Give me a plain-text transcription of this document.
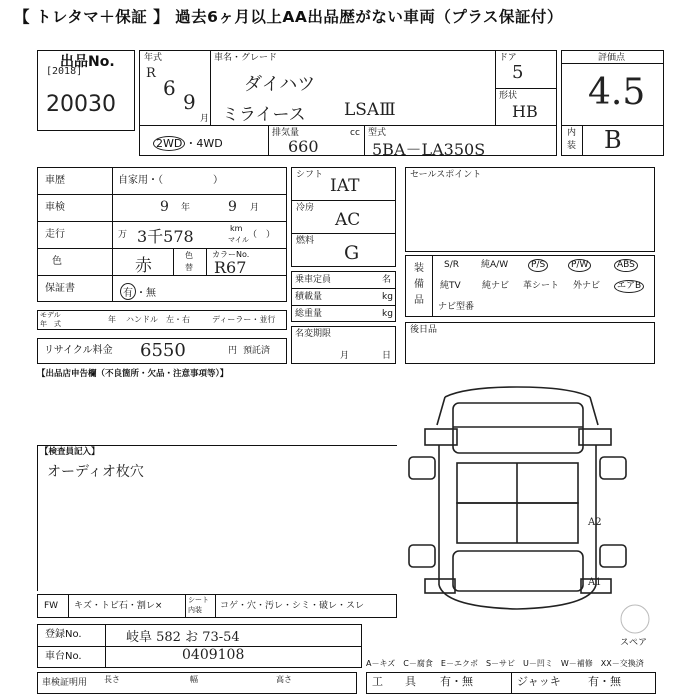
【 トレタマ＋保証 】 過去6ヶ月以上AA出品歴がない車両（プラス保証付）
[2018]
出品No.
20030
年式
R
6
9
月
車名・グレード
ダイハツ
ミライース LSAⅢ
ドア
5
形状
HB
2WD ・4WD
排気量	cc
660
型式
5BA－LA350S
評価点
4.5
内
装 B
車歴	自家用・（　　　　　）
車検	9 年	9 月
走行	万 3千578	km
マイル （　）
色	赤
色
替
カラーNo.
R67
保証書	有 ・無
モデル
年　式	年 ハンドル　左・右	ディーラー・並行
リサイクル料金 6550	円 預託済
シフト
IAT
冷房
AC
燃料
G
乗車定員	名
積載量	kg
総重量	kg
名変期限
月	日
セールスポイント
装
備
品
S/R 純A/W	P/S	P/W	ABS
純TV 純ナビ 革シート 外ナビ	エアB
ナビ型番
後日品
【出品店申告欄（不良箇所・欠品・注意事項等）】
【検査員記入】
オーディオ枚穴
A2
A1
スペア
FW キズ・トビ石・割レ×
シート
内装 コゲ・穴・汚レ・シミ・破レ・スレ
登録No.	岐阜 582 お 73-54
車台No.	0409108
A－キズ　C－腐食　E－エクボ　S－サビ　U－凹ミ　W－補修　XX－交換済
車検証明用 長さ	幅	高さ	工　　具 有・無	ジャッキ 有・無
